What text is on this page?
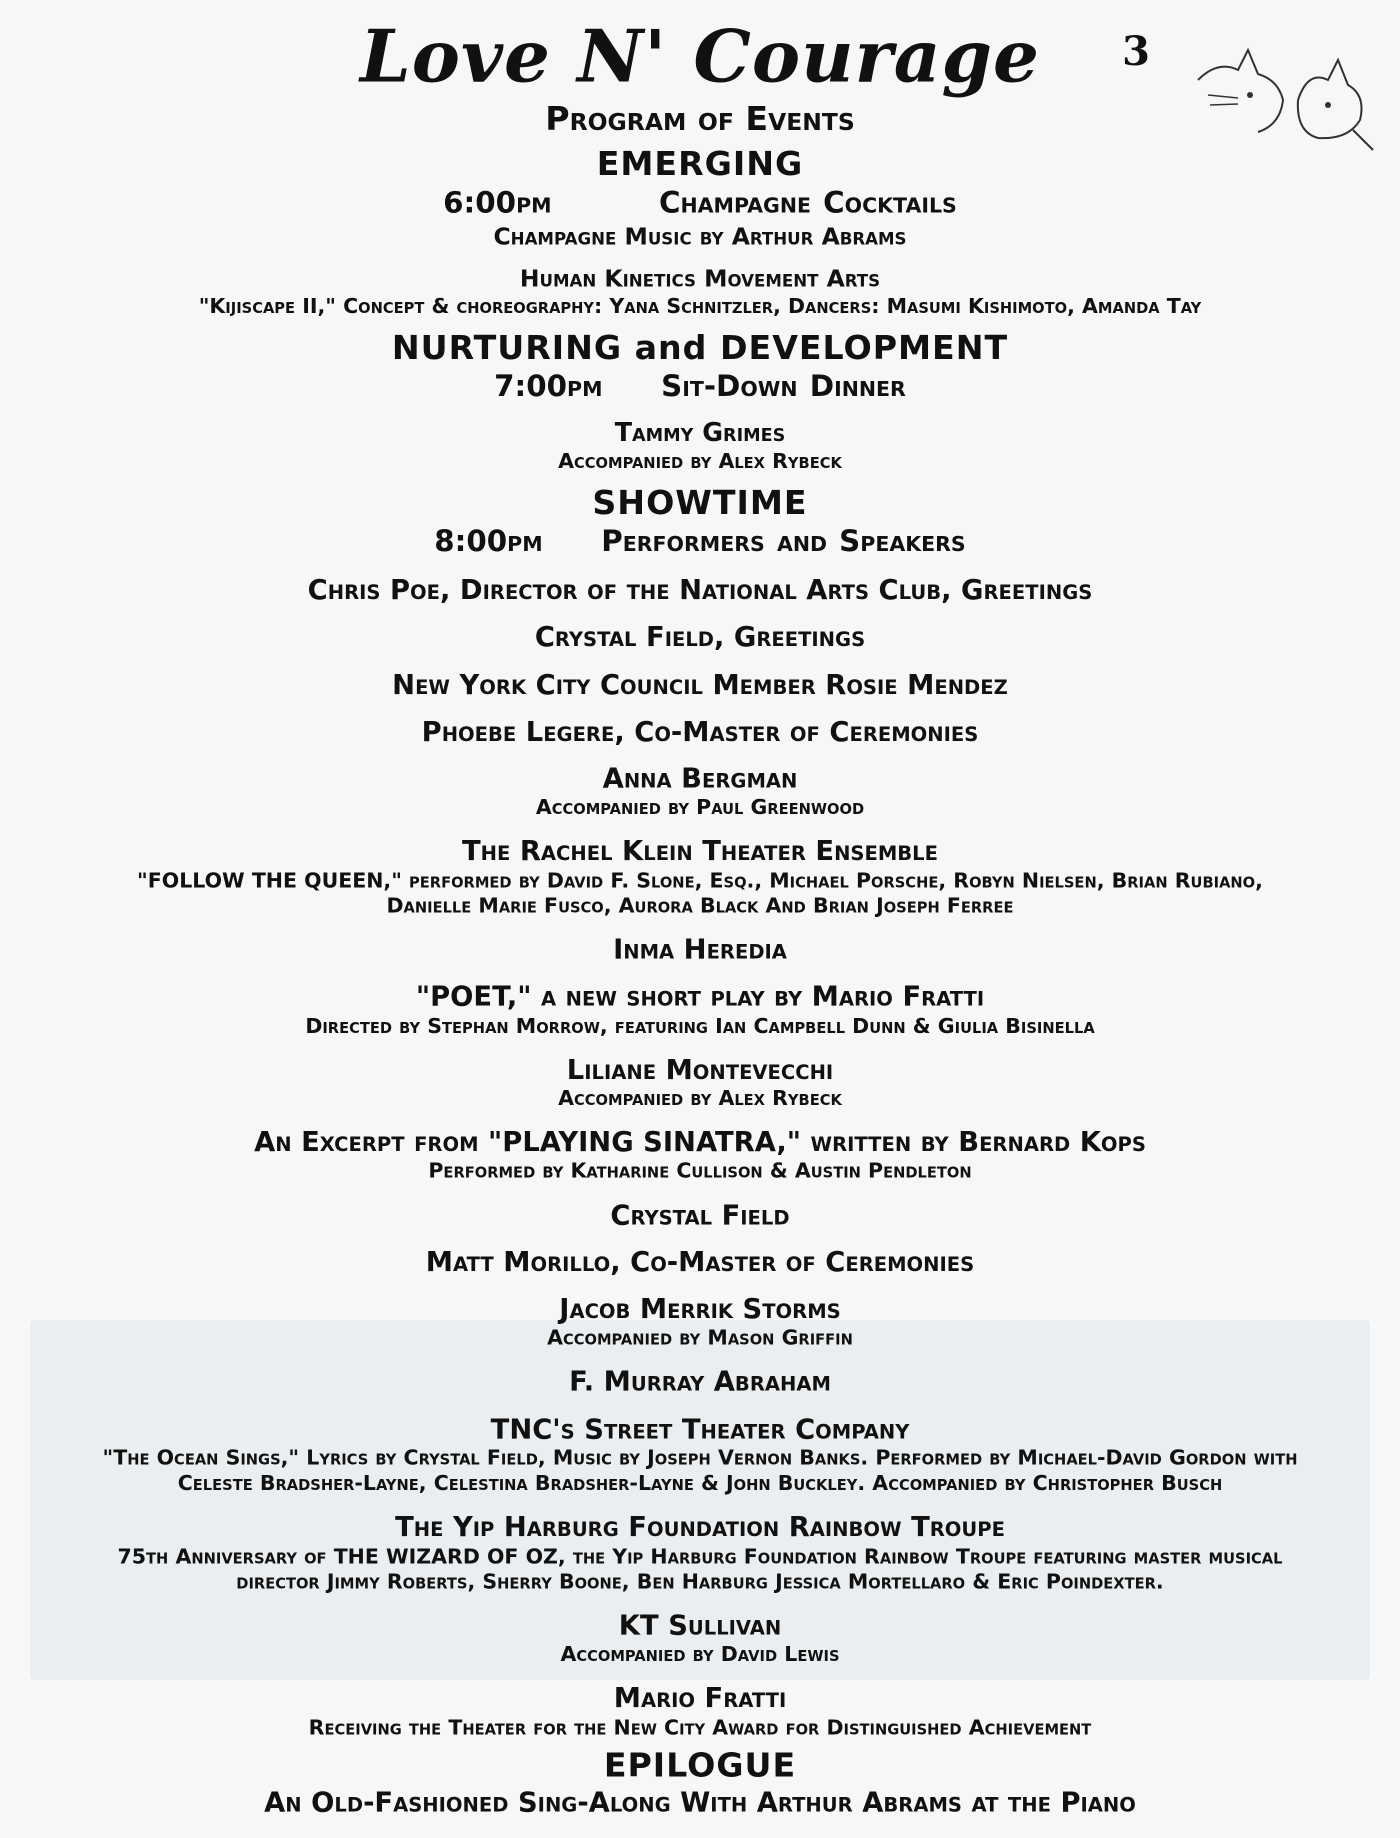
3
Love N' Courage
Program of Events
EMERGING
6:00pm	Champagne Cocktails
Champagne Music by Arthur Abrams
Human Kinetics Movement Arts
"Kijiscape II," Concept & choreography: Yana Schnitzler, Dancers: Masumi Kishimoto, Amanda Tay
NURTURING and DEVELOPMENT
7:00pm Sit-Down Dinner
Tammy Grimes
Accompanied by Alex Rybeck
SHOWTIME
8:00pm Performers and Speakers
Chris Poe, Director of the National Arts Club, Greetings
Crystal Field, Greetings
New York City Council Member Rosie Mendez
Phoebe Legere, Co-Master of Ceremonies
Anna Bergman
Accompanied by Paul Greenwood
The Rachel Klein Theater Ensemble
"FOLLOW THE QUEEN," performed by David F. Slone, Esq., Michael Porsche, Robyn Nielsen, Brian Rubiano, Danielle Marie Fusco, Aurora Black And Brian Joseph Ferree
Inma Heredia
"POET," a new short play by Mario Fratti
Directed by Stephan Morrow, featuring Ian Campbell Dunn & Giulia Bisinella
Liliane Montevecchi
Accompanied by Alex Rybeck
An Excerpt from "PLAYING SINATRA," written by Bernard Kops
Performed by Katharine Cullison & Austin Pendleton
Crystal Field
Matt Morillo, Co-Master of Ceremonies
Jacob Merrik Storms
Accompanied by Mason Griffin
F. Murray Abraham
TNC's Street Theater Company
"The Ocean Sings," Lyrics by Crystal Field, Music by Joseph Vernon Banks. Performed by Michael-David Gordon with Celeste Bradsher-Layne, Celestina Bradsher-Layne & John Buckley. Accompanied by Christopher Busch
The Yip Harburg Foundation Rainbow Troupe
75th Anniversary of THE WIZARD OF OZ, the Yip Harburg Foundation Rainbow Troupe featuring master musical director Jimmy Roberts, Sherry Boone, Ben Harburg Jessica Mortellaro & Eric Poindexter.
KT Sullivan
Accompanied by David Lewis
Mario Fratti
Receiving the Theater for the New City Award for Distinguished Achievement
EPILOGUE
An Old-Fashioned Sing-Along With Arthur Abrams at the Piano
